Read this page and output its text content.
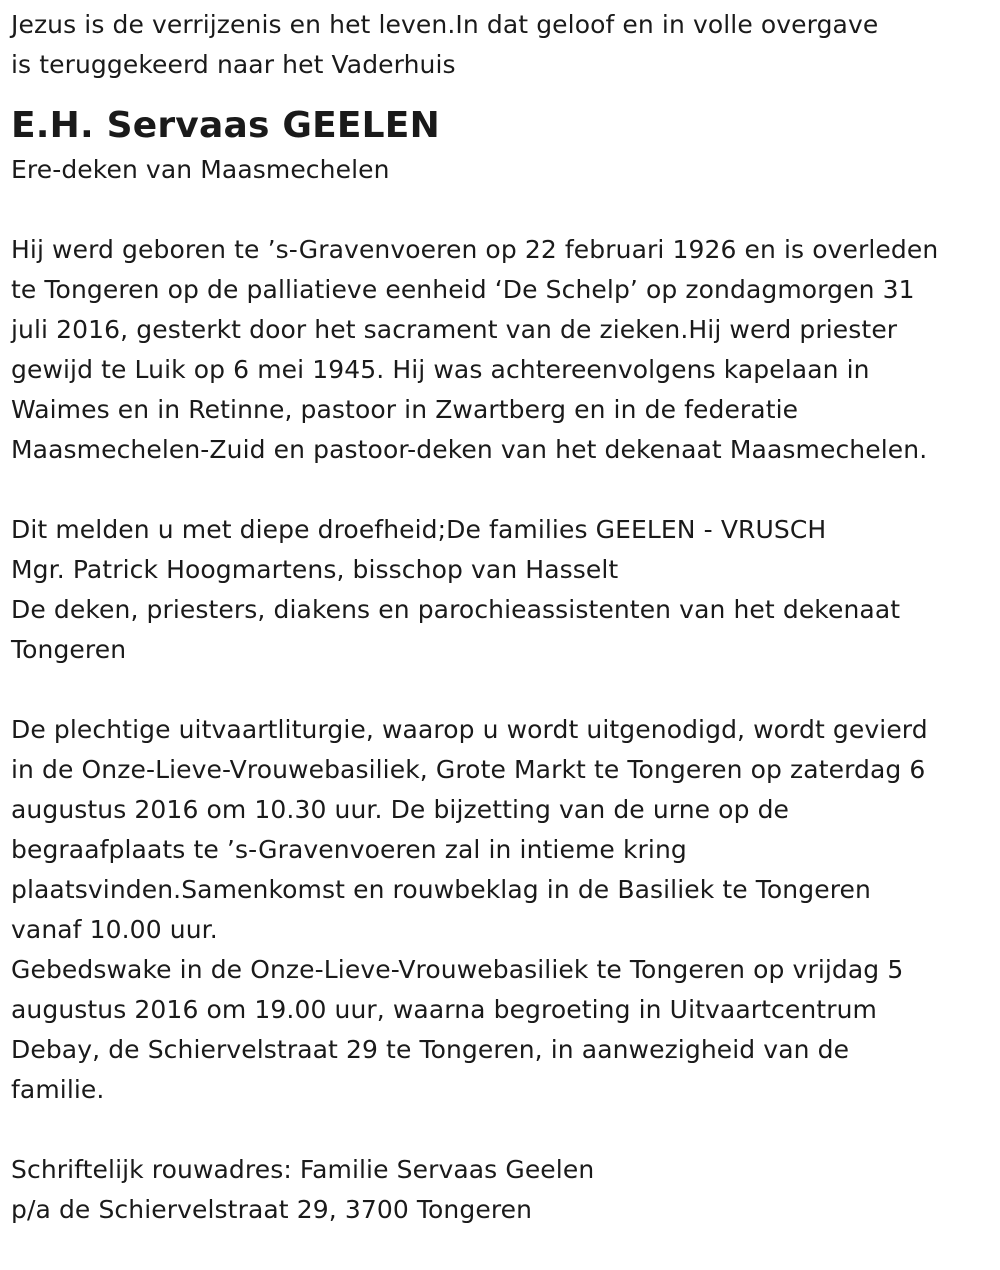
Jezus is de verrijzenis en het leven.In dat geloof en in volle overgave
is teruggekeerd naar het Vaderhuis
E.H. Servaas GEELEN
Ere-deken van Maasmechelen
Hij werd geboren te ’s-Gravenvoeren op 22 februari 1926 en is overleden
te Tongeren op de palliatieve eenheid ‘De Schelp’ op zondagmorgen 31
juli 2016, gesterkt door het sacrament van de zieken.Hij werd priester
gewijd te Luik op 6 mei 1945. Hij was achtereenvolgens kapelaan in
Waimes en in Retinne, pastoor in Zwartberg en in de federatie
Maasmechelen-Zuid en pastoor-deken van het dekenaat Maasmechelen.
Dit melden u met diepe droefheid;De families GEELEN - VRUSCH
Mgr. Patrick Hoogmartens, bisschop van Hasselt
De deken, priesters, diakens en parochieassistenten van het dekenaat
Tongeren
De plechtige uitvaartliturgie, waarop u wordt uitgenodigd, wordt gevierd
in de Onze-Lieve-Vrouwebasiliek, Grote Markt te Tongeren op zaterdag 6
augustus 2016 om 10.30 uur. De bijzetting van de urne op de
begraafplaats te ’s-Gravenvoeren zal in intieme kring
plaatsvinden.Samenkomst en rouwbeklag in de Basiliek te Tongeren
vanaf 10.00 uur.
Gebedswake in de Onze-Lieve-Vrouwebasiliek te Tongeren op vrijdag 5
augustus 2016 om 19.00 uur, waarna begroeting in Uitvaartcentrum
Debay, de Schiervelstraat 29 te Tongeren, in aanwezigheid van de
familie.
Schriftelijk rouwadres: Familie Servaas Geelen
p/a de Schiervelstraat 29, 3700 Tongeren
